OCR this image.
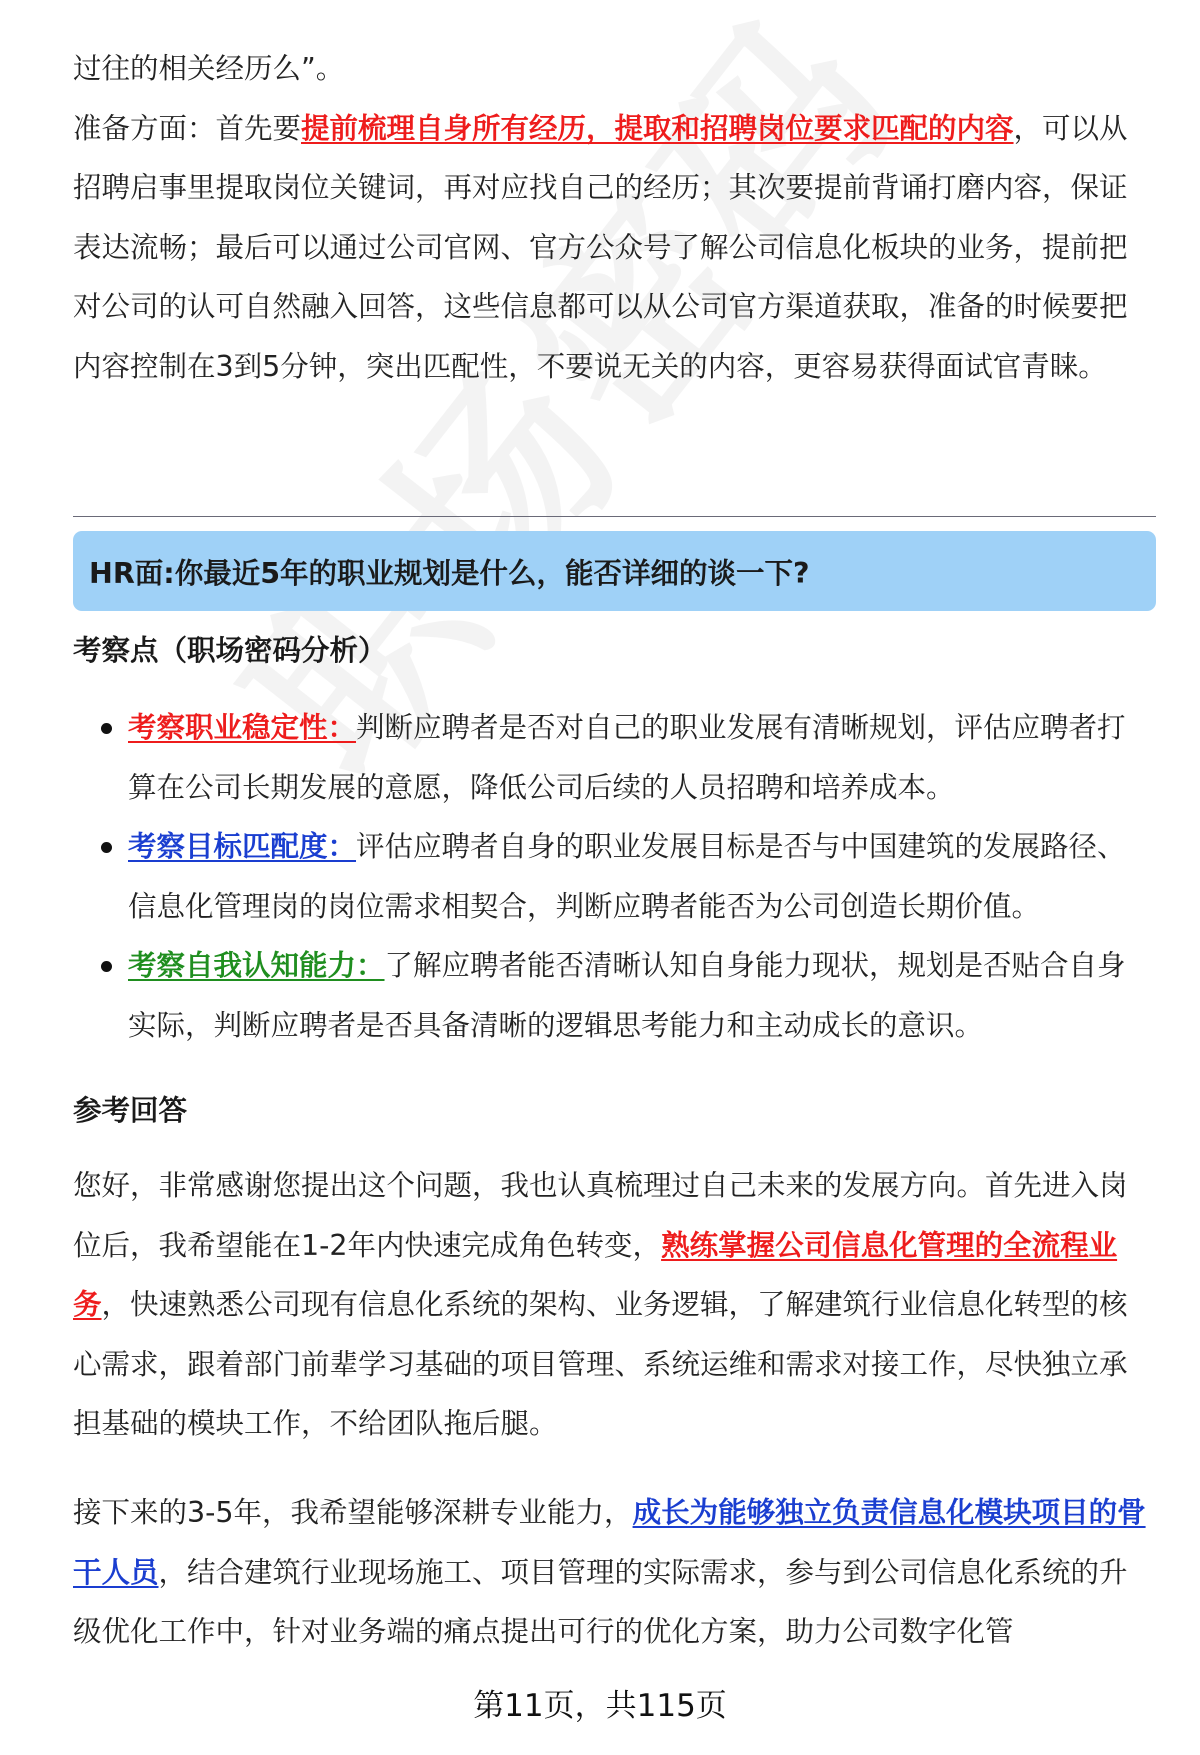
过往的相关经历么”。
准备方面：首先要提前梳理自身所有经历，提取和招聘岗位要求匹配的内容，可以从招聘启事里提取岗位关键词，再对应找自己的经历；其次要提前背诵打磨内容，保证表达流畅；最后可以通过公司官网、官方公众号了解公司信息化板块的业务，提前把对公司的认可自然融入回答，这些信息都可以从公司官方渠道获取，准备的时候要把内容控制在3到5分钟，突出匹配性，不要说无关的内容，更容易获得面试官青睐。

HR面:你最近5年的职业规划是什么，能否详细的谈一下?

考察点（职场密码分析）

考察职业稳定性：判断应聘者是否对自己的职业发展有清晰规划，评估应聘者打算在公司长期发展的意愿，降低公司后续的人员招聘和培养成本。
考察目标匹配度：评估应聘者自身的职业发展目标是否与中国建筑的发展路径、信息化管理岗的岗位需求相契合，判断应聘者能否为公司创造长期价值。
考察自我认知能力：了解应聘者能否清晰认知自身能力现状，规划是否贴合自身实际，判断应聘者是否具备清晰的逻辑思考能力和主动成长的意识。

参考回答

您好，非常感谢您提出这个问题，我也认真梳理过自己未来的发展方向。首先进入岗位后，我希望能在1-2年内快速完成角色转变，熟练掌握公司信息化管理的全流程业务，快速熟悉公司现有信息化系统的架构、业务逻辑，了解建筑行业信息化转型的核心需求，跟着部门前辈学习基础的项目管理、系统运维和需求对接工作，尽快独立承担基础的模块工作，不给团队拖后腿。

接下来的3-5年，我希望能够深耕专业能力，成长为能够独立负责信息化模块项目的骨干人员，结合建筑行业现场施工、项目管理的实际需求，参与到公司信息化系统的升级优化工作中，针对业务端的痛点提出可行的优化方案，助力公司数字化管

第11页，共115页
